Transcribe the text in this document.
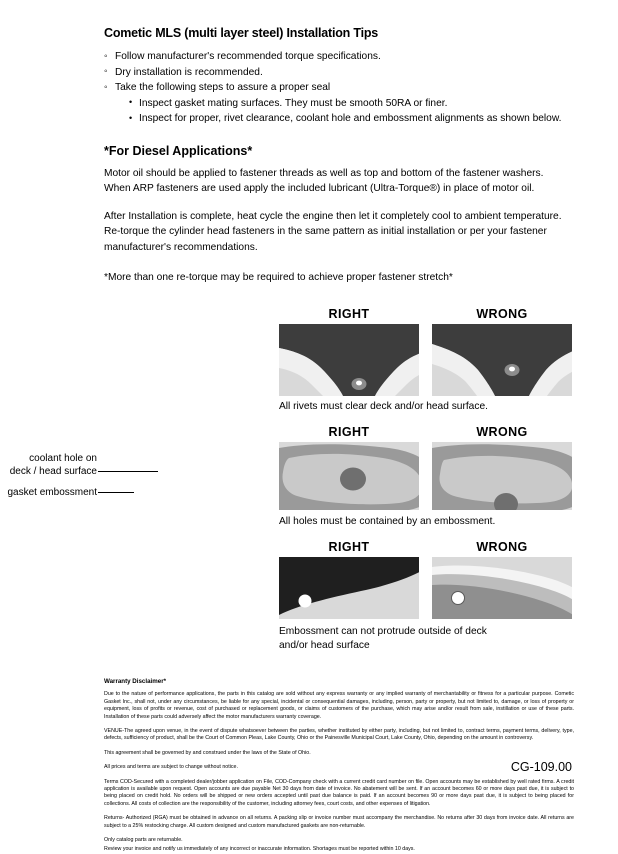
Cometic MLS (multi layer steel) Installation Tips
◦ Follow manufacturer's recommended torque specifications.
◦ Dry installation is recommended.
◦ Take the following steps to assure a proper seal
• Inspect gasket mating surfaces. They must be smooth 50RA or finer.
• Inspect for proper, rivet clearance, coolant hole and embossment alignments as shown below.
*For Diesel Applications*

Motor oil should be applied to fastener threads as well as top and bottom of the fastener washers. When ARP fasteners are used apply the included lubricant (Ultra-Torque®) in place of motor oil.

After Installation is complete, heat cycle the engine then let it completely cool to ambient temperature. Re-torque the cylinder head fasteners in the same pattern as initial installation or per your fastener manufacturer's recommendations.

*More than one re-torque may be required to achieve proper fastener stretch*

RIGHT	WRONG
All rivets must clear deck and/or head surface.
RIGHT	WRONG
coolant hole on
deck / head surface
gasket embossment
All holes must be contained by an embossment.
RIGHT	WRONG
Embossment can not protrude outside of deck
and/or head surface
Warranty Disclaimer*

Due to the nature of performance applications, the parts in this catalog are sold without any express warranty or any implied warranty of merchantability or fitness for a particular purpose. Cometic Gasket Inc., shall not, under any circumstances, be liable for any special, incidental or consequential damages, including, person, party or property, but not limited to, damage, or loss of property or equipment, loss of profits or revenue, cost of purchased or replacement goods, or claims of customers of the purchase, which may arise and/or result from sale, instillation or use of these parts. Installation of these parts could adversely affect the motor manufacturers warranty coverage.

VENUE-The agreed upon venue, in the event of dispute whatsoever between the parties, whether instituted by either party, including, but not limited to, contract terms, payment terms, delivery, type, defects, sufficiency of product, shall be the Court of Common Pleas, Lake County, Ohio or the Painesville Municipal Court, Lake County, Ohio, depending on the amount in controversy.

This agreement shall be governed by and construed under the laws of the State of Ohio.

All prices and terms are subject to change without notice.

Terms COD-Secured with a completed dealer/jobber application on File, COD-Company check with a current credit card number on file. Open accounts may be established by well rated firms. A credit application is available upon request. Open accounts are due payable Net 30 days from date of invoice. No abatement will be sent. If an account becomes 60 or more days past due, it is subject to being placed on credit hold. No orders will be shipped or new orders accepted until past due balance is paid. If an account becomes 90 or more days past due, it is subject to being placed for collections. All costs of collection are the responsibility of the customer, including attorney fees, court costs, and other expenses of litigation.

Returns- Authorized (RGA) must be obtained in advance on all returns. A packing slip or invoice number must accompany the merchandise. No returns after 30 days from invoice date. All returns are subject to a 25% restocking charge. All custom designed and custom manufactured gaskets are non-returnable.

Only catalog parts are returnable.

Review your invoice and notify us immediately of any incorrect or inaccurate information. Shortages must be reported within 10 days.

CG-109.00
